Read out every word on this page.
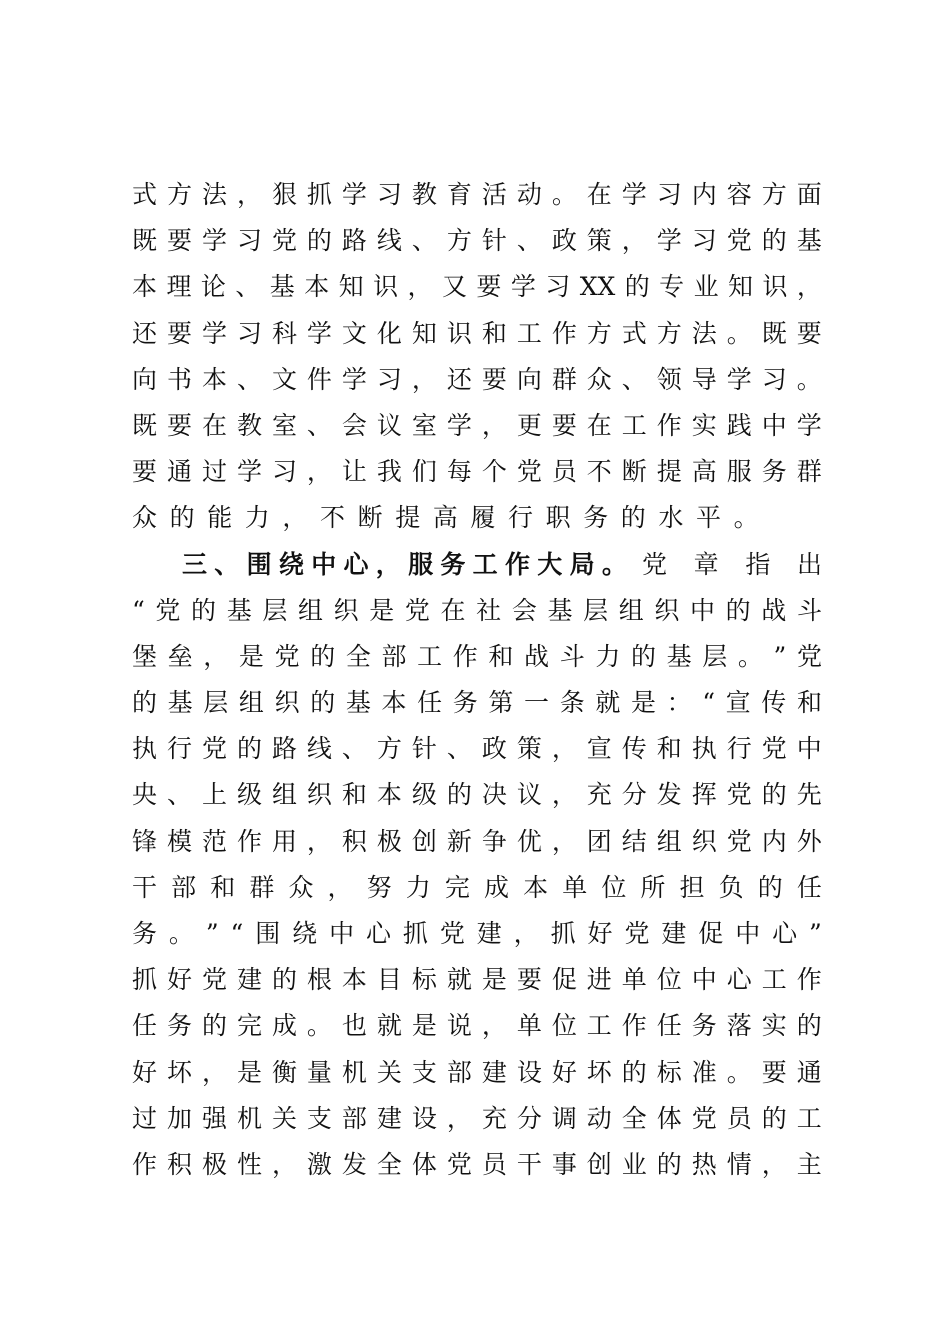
式 方 法 ， 狠 抓 学 习 教 育 活 动 。 在 学 习 内 容 方 面
既 要 学 习 党 的 路 线 、 方 针 、 政 策 ， 学 习 党 的 基
本 理 论 、 基 本 知 识 ， 又 要 学 习 XX 的 专 业 知 识 ，
还 要 学 习 科 学 文 化 知 识 和 工 作 方 式 方 法 。 既 要
向 书 本 、 文 件 学 习 ， 还 要 向 群 众 、 领 导 学 习 。
既 要 在 教 室 、 会 议 室 学 ， 更 要 在 工 作 实 践 中 学
要 通 过 学 习 ， 让 我 们 每 个 党 员 不 断 提 高 服 务 群
众的能力，不断提高履行职务的水平。
三 、 围 绕 中 心 ， 服 务 工 作 大 局 。 党 章 指 出
“ 党 的 基 层 组 织 是 党 在 社 会 基 层 组 织 中 的 战 斗
堡 垒 ， 是 党 的 全 部 工 作 和 战 斗 力 的 基 层 。 ” 党
的 基 层 组 织 的 基 本 任 务 第 一 条 就 是 ： “ 宣 传 和
执 行 党 的 路 线 、 方 针 、 政 策 ， 宣 传 和 执 行 党 中
央 、 上 级 组 织 和 本 级 的 决 议 ， 充 分 发 挥 党 的 先
锋 模 范 作 用 ， 积 极 创 新 争 优 ， 团 结 组 织 党 内 外
干 部 和 群 众 ， 努 力 完 成 本 单 位 所 担 负 的 任
务 。 ” “ 围 绕 中 心 抓 党 建 ， 抓 好 党 建 促 中 心 ”
抓 好 党 建 的 根 本 目 标 就 是 要 促 进 单 位 中 心 工 作
任 务 的 完 成 。 也 就 是 说 ， 单 位 工 作 任 务 落 实 的
好 坏 ， 是 衡 量 机 关 支 部 建 设 好 坏 的 标 准 。 要 通
过 加 强 机 关 支 部 建 设 ， 充 分 调 动 全 体 党 员 的 工
作 积 极 性 ， 激 发 全 体 党 员 干 事 创 业 的 热 情 ， 主
